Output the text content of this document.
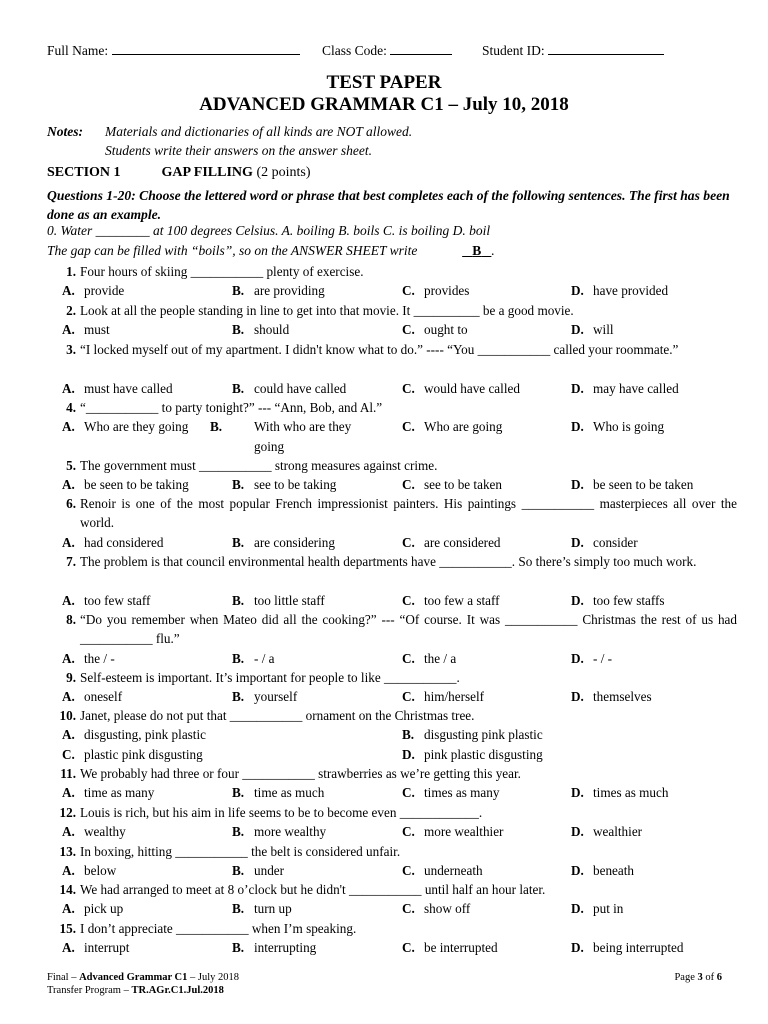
Full Name:	Class Code:	Student ID:
TEST PAPER
ADVANCED GRAMMAR C1 – July 10, 2018
Notes: Materials and dictionaries of all kinds are NOT allowed.
Students write their answers on the answer sheet.
SECTION 1	GAP FILLING (2 points)
Questions 1-20: Choose the lettered word or phrase that best completes each of the following sentences. The first has been done as an example.
0. Water ________ at 100 degrees Celsius. A. boiling B. boils C. is boiling D. boil
The gap can be filled with “boils”, so on the ANSWER SHEET write	B .
1. Four hours of skiing ___________ plenty of exercise.
A. provide	B. are providing	C. provides	D. have provided
2. Look at all the people standing in line to get into that movie. It __________ be a good movie.
A. must	B. should	C. ought to	D. will
3. “I locked myself out of my apartment. I didn't know what to do.” ---- “You ___________ called your roommate.”
A. must have called	B. could have called	C. would have called	D. may have called
4. “___________ to party tonight?” --- “Ann, Bob, and Al.”
A. Who are they going B. With who are they going
C. Who are going	D. Who is going
5. The government must ___________ strong measures against crime.
A. be seen to be taking	B. see to be taking	C. see to be taken	D. be seen to be taken
6. Renoir is one of the most popular French impressionist painters. His paintings ___________ masterpieces all over the world.
A. had considered	B. are considering	C. are considered	D. consider
7. The problem is that council environmental health departments have ___________. So there’s simply too much work.
A. too few staff	B. too little staff	C. too few a staff	D. too few staffs
8. “Do you remember when Mateo did all the cooking?” --- “Of course. It was ___________ Christmas the rest of us had ___________ flu.”
A. the / -	B. - / a	C. the / a	D. - / -
9. Self-esteem is important. It’s important for people to like ___________.
A. oneself	B. yourself	C. him/herself	D. themselves
10. Janet, please do not put that ___________ ornament on the Christmas tree.
A. disgusting, pink plastic	B. disgusting pink plastic
C. plastic pink disgusting	D. pink plastic disgusting
11. We probably had three or four ___________ strawberries as we’re getting this year.
A. time as many	B. time as much	C. times as many	D. times as much
12. Louis is rich, but his aim in life seems to be to become even ____________.
A. wealthy	B. more wealthy	C. more wealthier	D. wealthier
13. In boxing, hitting ___________ the belt is considered unfair.
A. below	B. under	C. underneath	D. beneath
14. We had arranged to meet at 8 o’clock but he didn't ___________ until half an hour later.
A. pick up	B. turn up	C. show off	D. put in
15. I don’t appreciate ___________ when I’m speaking.
A. interrupt	B. interrupting	C. be interrupted	D. being interrupted
Final – Advanced Grammar C1 – July 2018
Transfer Program – TR.AGr.C1.Jul.2018
Page 3 of 6
